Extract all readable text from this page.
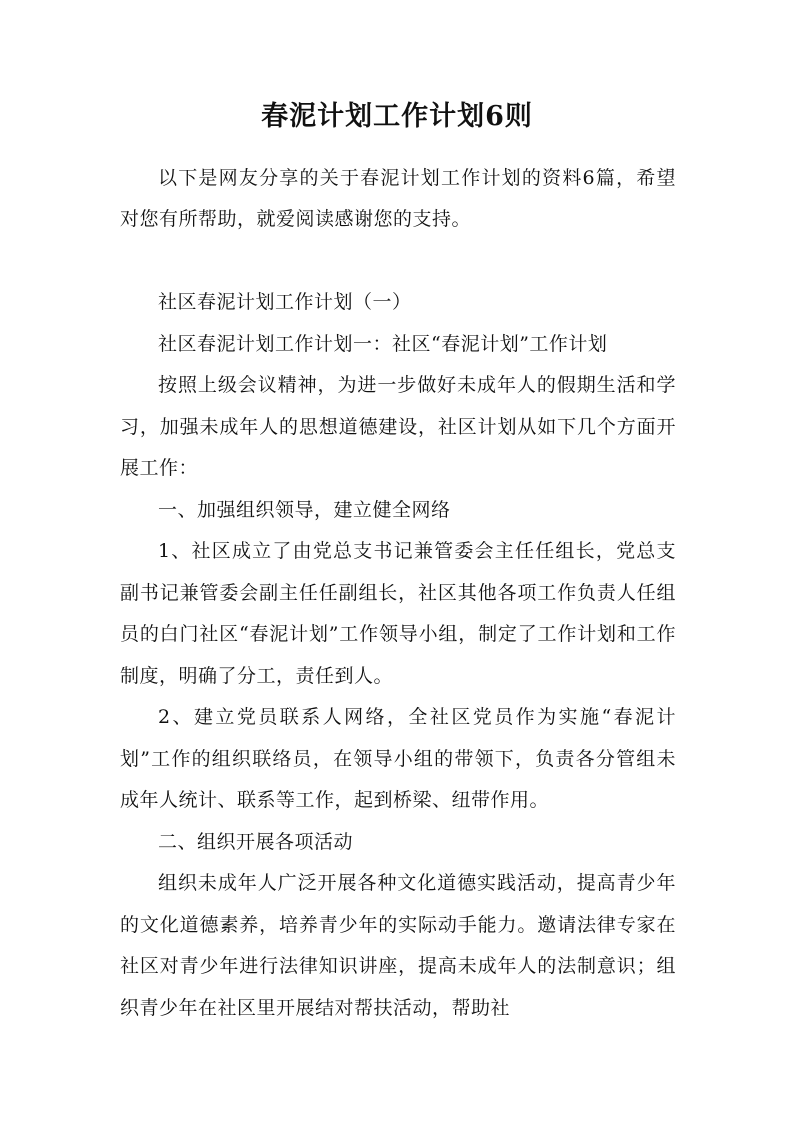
春泥计划工作计划6则

以下是网友分享的关于春泥计划工作计划的资料6篇，希望对您有所帮助，就爱阅读感谢您的支持。

社区春泥计划工作计划（一）

社区春泥计划工作计划一：社区“春泥计划”工作计划

按照上级会议精神，为进一步做好未成年人的假期生活和学习，加强未成年人的思想道德建设，社区计划从如下几个方面开展工作：

一、加强组织领导，建立健全网络

1、社区成立了由党总支书记兼管委会主任任组长，党总支副书记兼管委会副主任任副组长，社区其他各项工作负责人任组员的白门社区“春泥计划”工作领导小组，制定了工作计划和工作制度，明确了分工，责任到人。

2、建立党员联系人网络，全社区党员作为实施“春泥计划”工作的组织联络员，在领导小组的带领下，负责各分管组未成年人统计、联系等工作，起到桥梁、纽带作用。

二、组织开展各项活动

组织未成年人广泛开展各种文化道德实践活动，提高青少年的文化道德素养，培养青少年的实际动手能力。邀请法律专家在社区对青少年进行法律知识讲座，提高未成年人的法制意识；组织青少年在社区里开展结对帮扶活动，帮助社
